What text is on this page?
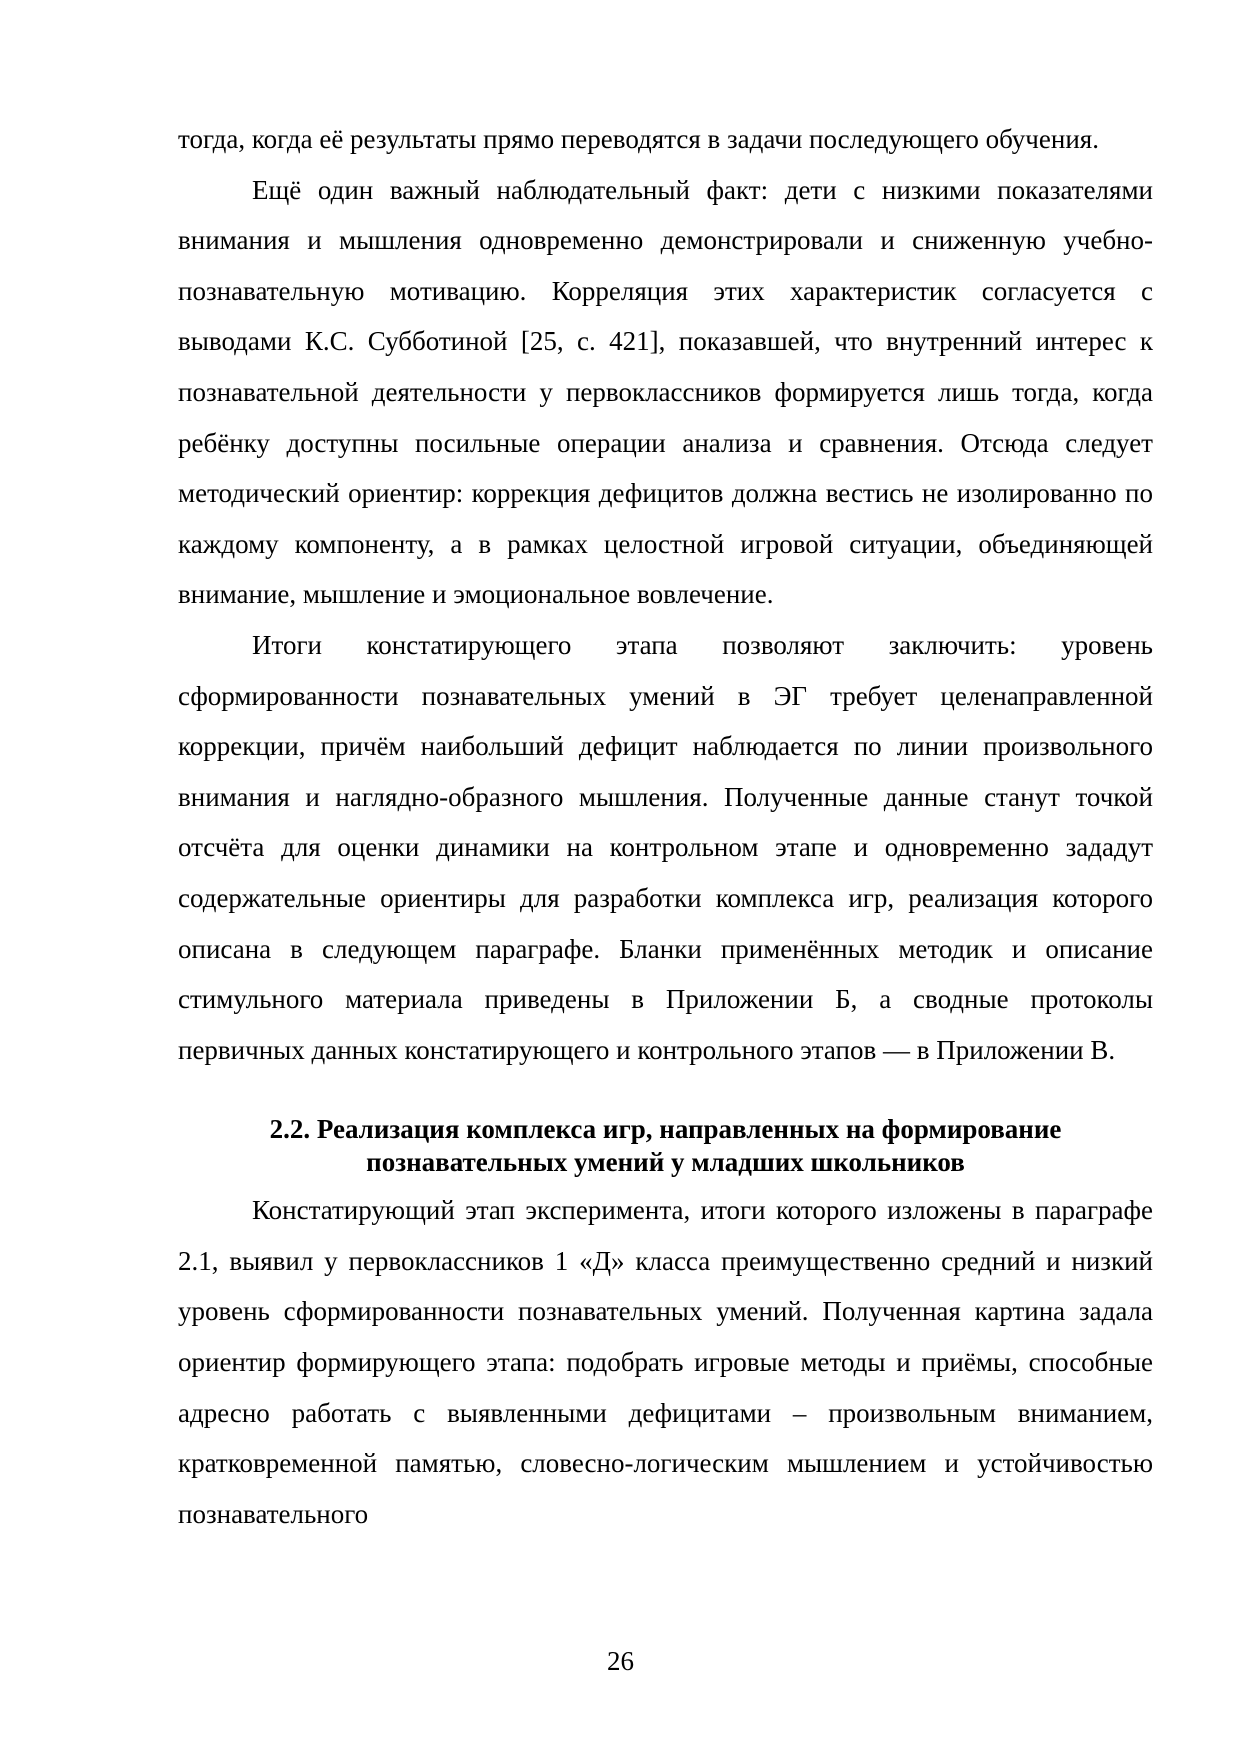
тогда, когда её результаты прямо переводятся в задачи последующего обучения.

Ещё один важный наблюдательный факт: дети с низкими показателями внимания и мышления одновременно демонстрировали и сниженную учебно-познавательную мотивацию. Корреляция этих характеристик согласуется с выводами К.С. Субботиной [25, с. 421], показавшей, что внутренний интерес к познавательной деятельности у первоклассников формируется лишь тогда, когда ребёнку доступны посильные операции анализа и сравнения. Отсюда следует методический ориентир: коррекция дефицитов должна вестись не изолированно по каждому компоненту, а в рамках целостной игровой ситуации, объединяющей внимание, мышление и эмоциональное вовлечение.

Итоги констатирующего этапа позволяют заключить: уровень сформированности познавательных умений в ЭГ требует целенаправленной коррекции, причём наибольший дефицит наблюдается по линии произвольного внимания и наглядно-образного мышления. Полученные данные станут точкой отсчёта для оценки динамики на контрольном этапе и одновременно зададут содержательные ориентиры для разработки комплекса игр, реализация которого описана в следующем параграфе. Бланки применённых методик и описание стимульного материала приведены в Приложении Б, а сводные протоколы первичных данных констатирующего и контрольного этапов — в Приложении В.

2.2. Реализация комплекса игр, направленных на формирование
познавательных умений у младших школьников

Констатирующий этап эксперимента, итоги которого изложены в параграфе 2.1, выявил у первоклассников 1 «Д» класса преимущественно средний и низкий уровень сформированности познавательных умений. Полученная картина задала ориентир формирующего этапа: подобрать игровые методы и приёмы, способные адресно работать с выявленными дефицитами – произвольным вниманием, кратковременной памятью, словесно-логическим мышлением и устойчивостью познавательного

26
